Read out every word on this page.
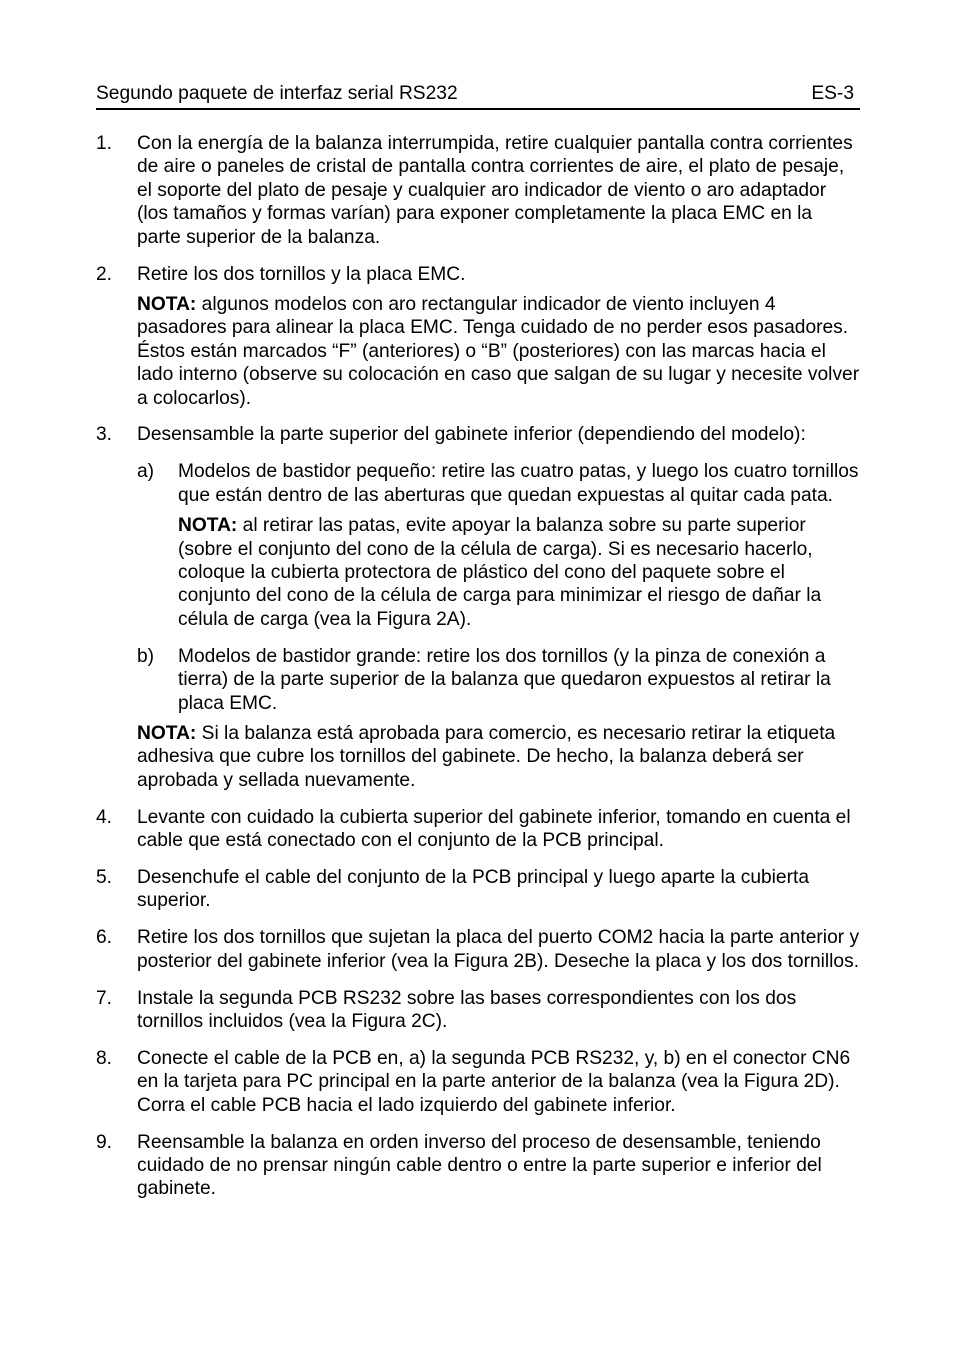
Segundo paquete de interfaz serial RS232	ES-3
1. Con la energía de la balanza interrumpida, retire cualquier pantalla contra corrientes de aire o paneles de cristal de pantalla contra corrientes de aire, el plato de pesaje, el soporte del plato de pesaje y cualquier aro indicador de viento o aro adaptador (los tamaños y formas varían) para exponer completamente la placa EMC en la parte superior de la balanza.

2. Retire los dos tornillos y la placa EMC.

NOTA: algunos modelos con aro rectangular indicador de viento incluyen 4 pasadores para alinear la placa EMC. Tenga cuidado de no perder esos pasadores. Éstos están marcados “F” (anteriores) o “B” (posteriores) con las marcas hacia el lado interno (observe su colocación en caso que salgan de su lugar y necesite volver a colocarlos).

3. Desensamble la parte superior del gabinete inferior (dependiendo del modelo):

a) Modelos de bastidor pequeño: retire las cuatro patas, y luego los cuatro tornillos que están dentro de las aberturas que quedan expuestas al quitar cada pata.

NOTA: al retirar las patas, evite apoyar la balanza sobre su parte superior (sobre el conjunto del cono de la célula de carga). Si es necesario hacerlo, coloque la cubierta protectora de plástico del cono del paquete sobre el conjunto del cono de la célula de carga para minimizar el riesgo de dañar la célula de carga (vea la Figura 2A).

b) Modelos de bastidor grande: retire los dos tornillos (y la pinza de conexión a tierra) de la parte superior de la balanza que quedaron expuestos al retirar la placa EMC.

NOTA: Si la balanza está aprobada para comercio, es necesario retirar la etiqueta adhesiva que cubre los tornillos del gabinete. De hecho, la balanza deberá ser aprobada y sellada nuevamente.

4. Levante con cuidado la cubierta superior del gabinete inferior, tomando en cuenta el cable que está conectado con el conjunto de la PCB principal.

5. Desenchufe el cable del conjunto de la PCB principal y luego aparte la cubierta superior.

6. Retire los dos tornillos que sujetan la placa del puerto COM2 hacia la parte anterior y posterior del gabinete inferior (vea la Figura 2B). Deseche la placa y los dos tornillos.

7. Instale la segunda PCB RS232 sobre las bases correspondientes con los dos tornillos incluidos (vea la Figura 2C).

8. Conecte el cable de la PCB en, a) la segunda PCB RS232, y, b) en el conector CN6 en la tarjeta para PC principal en la parte anterior de la balanza (vea la Figura 2D). Corra el cable PCB hacia el lado izquierdo del gabinete inferior.

9. Reensamble la balanza en orden inverso del proceso de desensamble, teniendo cuidado de no prensar ningún cable dentro o entre la parte superior e inferior del gabinete.
